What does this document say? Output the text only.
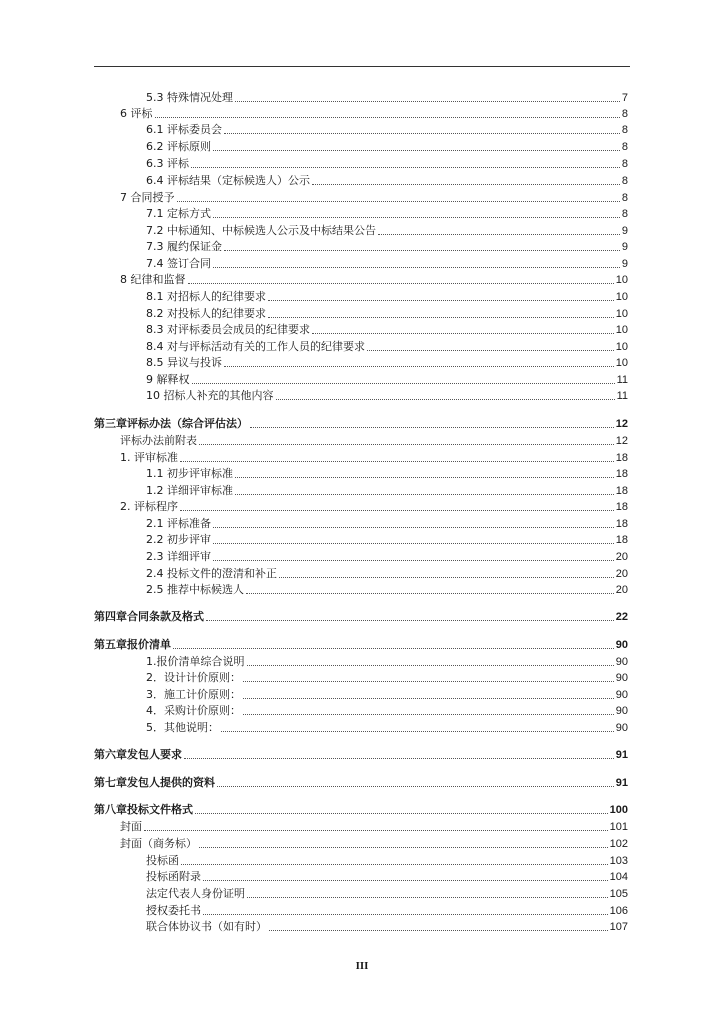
5.3 特殊情况处理	7
6 评标	8
6.1 评标委员会	8
6.2 评标原则	8
6.3 评标	8
6.4 评标结果（定标候选人）公示	8
7 合同授予	8
7.1 定标方式	8
7.2 中标通知、中标候选人公示及中标结果公告	9
7.3 履约保证金	9
7.4 签订合同	9
8 纪律和监督	10
8.1 对招标人的纪律要求	10
8.2 对投标人的纪律要求	10
8.3 对评标委员会成员的纪律要求	10
8.4 对与评标活动有关的工作人员的纪律要求	10
8.5 异议与投诉	10
9 解释权	11
10 招标人补充的其他内容	11
第三章评标办法（综合评估法）	12
评标办法前附表	12
1. 评审标准	18
1.1 初步评审标准	18
1.2 详细评审标准	18
2. 评标程序	18
2.1 评标准备	18
2.2 初步评审	18
2.3 详细评审	20
2.4 投标文件的澄清和补正	20
2.5 推荐中标候选人	20
第四章合同条款及格式	22
第五章报价清单	90
1.报价清单综合说明	90
2．设计计价原则：	90
3．施工计价原则：	90
4．采购计价原则：	90
5．其他说明：	90
第六章发包人要求	91
第七章发包人提供的资料	91
第八章投标文件格式	100
封面	101
封面（商务标）	102
投标函	103
投标函附录	104
法定代表人身份证明	105
授权委托书	106
联合体协议书（如有时）	107
III
